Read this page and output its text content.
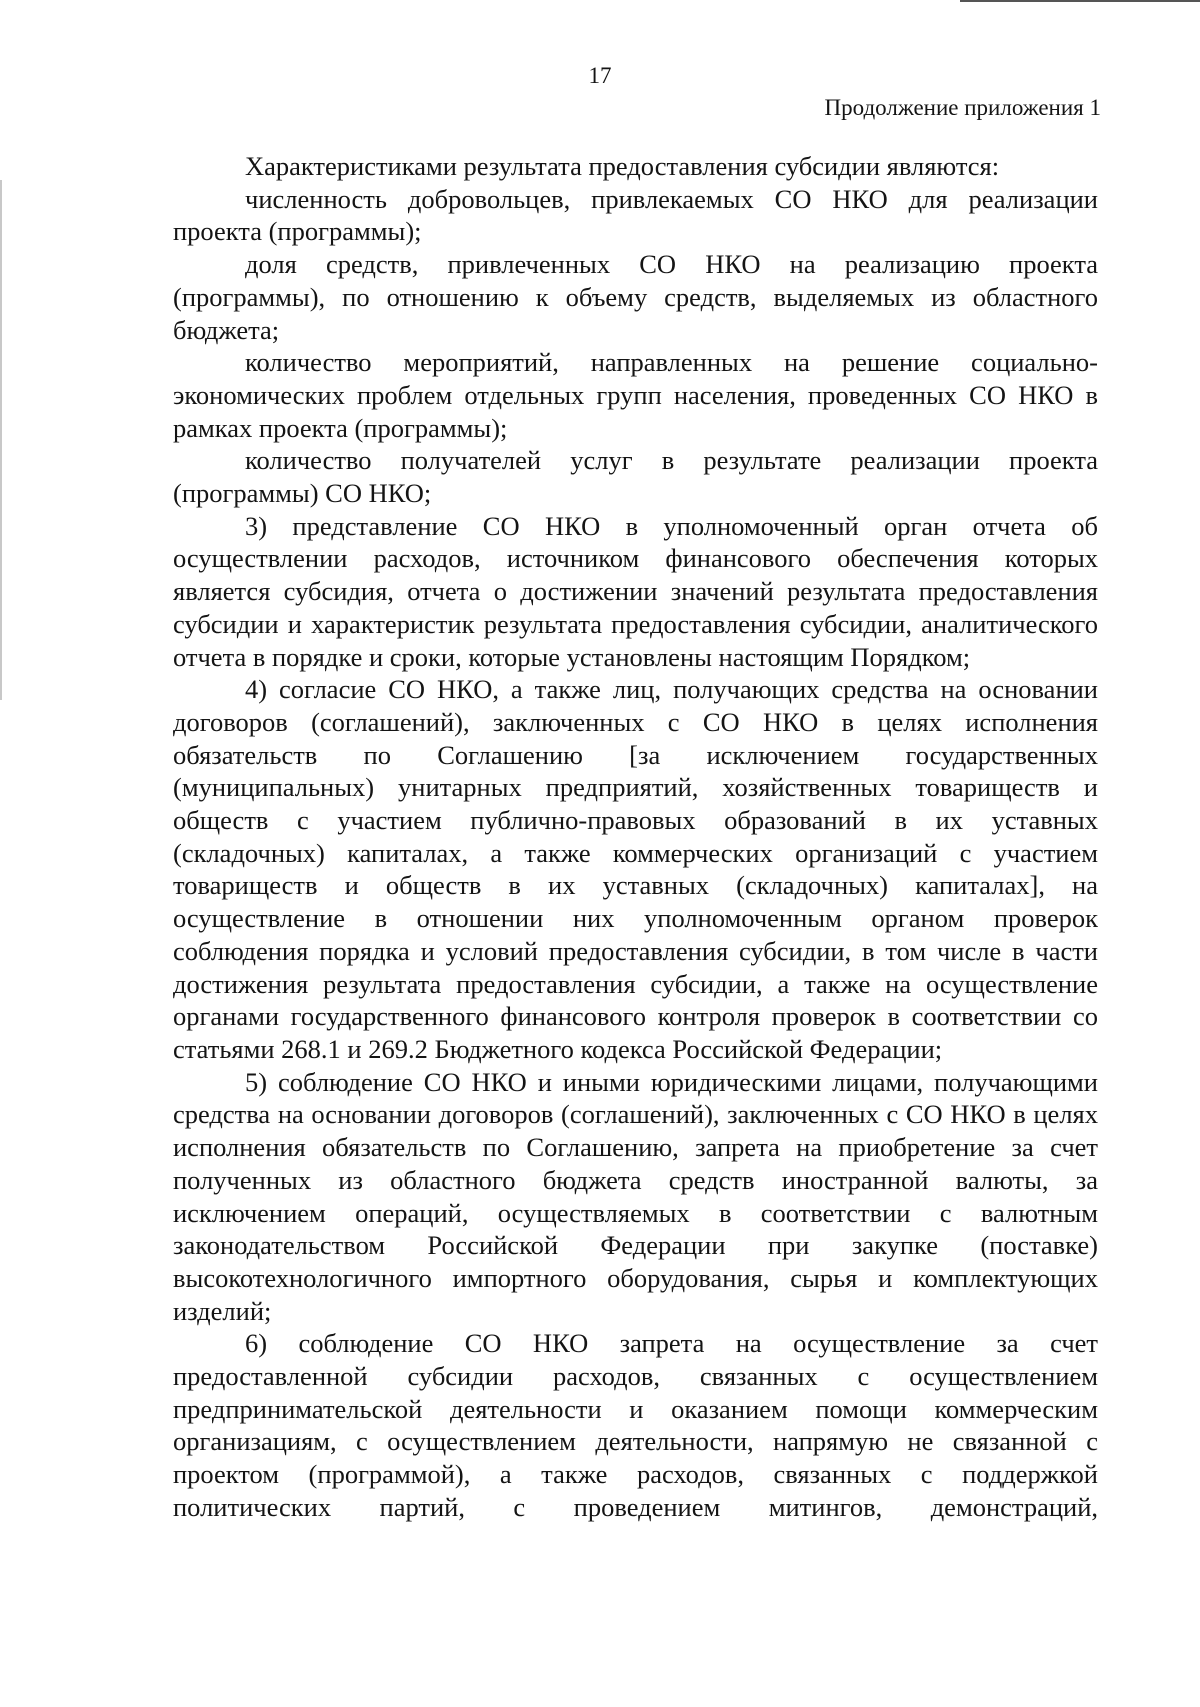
17
Продолжение приложения 1

Характеристиками результата предоставления субсидии являются:

численность добровольцев, привлекаемых СО НКО для реализации проекта (программы);

доля средств, привлеченных СО НКО на реализацию проекта (программы), по отношению к объему средств, выделяемых из областного бюджета;

количество мероприятий, направленных на решение социально-экономических проблем отдельных групп населения, проведенных СО НКО в рамках проекта (программы);

количество получателей услуг в результате реализации проекта (программы) СО НКО;

3) представление СО НКО в уполномоченный орган отчета об осуществлении расходов, источником финансового обеспечения которых является субсидия, отчета о достижении значений результата предоставления субсидии и характеристик результата предоставления субсидии, аналитического отчета в порядке и сроки, которые установлены настоящим Порядком;

4) согласие СО НКО, а также лиц, получающих средства на основании договоров (соглашений), заключенных с СО НКО в целях исполнения обязательств по Соглашению [за исключением государственных (муниципальных) унитарных предприятий, хозяйственных товариществ и обществ с участием публично-правовых образований в их уставных (складочных) капиталах, а также коммерческих организаций с участием товариществ и обществ в их уставных (складочных) капиталах], на осуществление в отношении них уполномоченным органом проверок соблюдения порядка и условий предоставления субсидии, в том числе в части достижения результата предоставления субсидии, а также на осуществление органами государственного финансового контроля проверок в соответствии со статьями 268.1 и 269.2 Бюджетного кодекса Российской Федерации;

5) соблюдение СО НКО и иными юридическими лицами, получающими средства на основании договоров (соглашений), заключенных с СО НКО в целях исполнения обязательств по Соглашению, запрета на приобретение за счет полученных из областного бюджета средств иностранной валюты, за исключением операций, осуществляемых в соответствии с валютным законодательством Российской Федерации при закупке (поставке) высокотехнологичного импортного оборудования, сырья и комплектующих изделий;

6) соблюдение СО НКО запрета на осуществление за счет предоставленной субсидии расходов, связанных с осуществлением предпринимательской деятельности и оказанием помощи коммерческим организациям, с осуществлением деятельности, напрямую не связанной с проектом (программой), а также расходов, связанных с поддержкой политических партий, с проведением митингов, демонстраций,
